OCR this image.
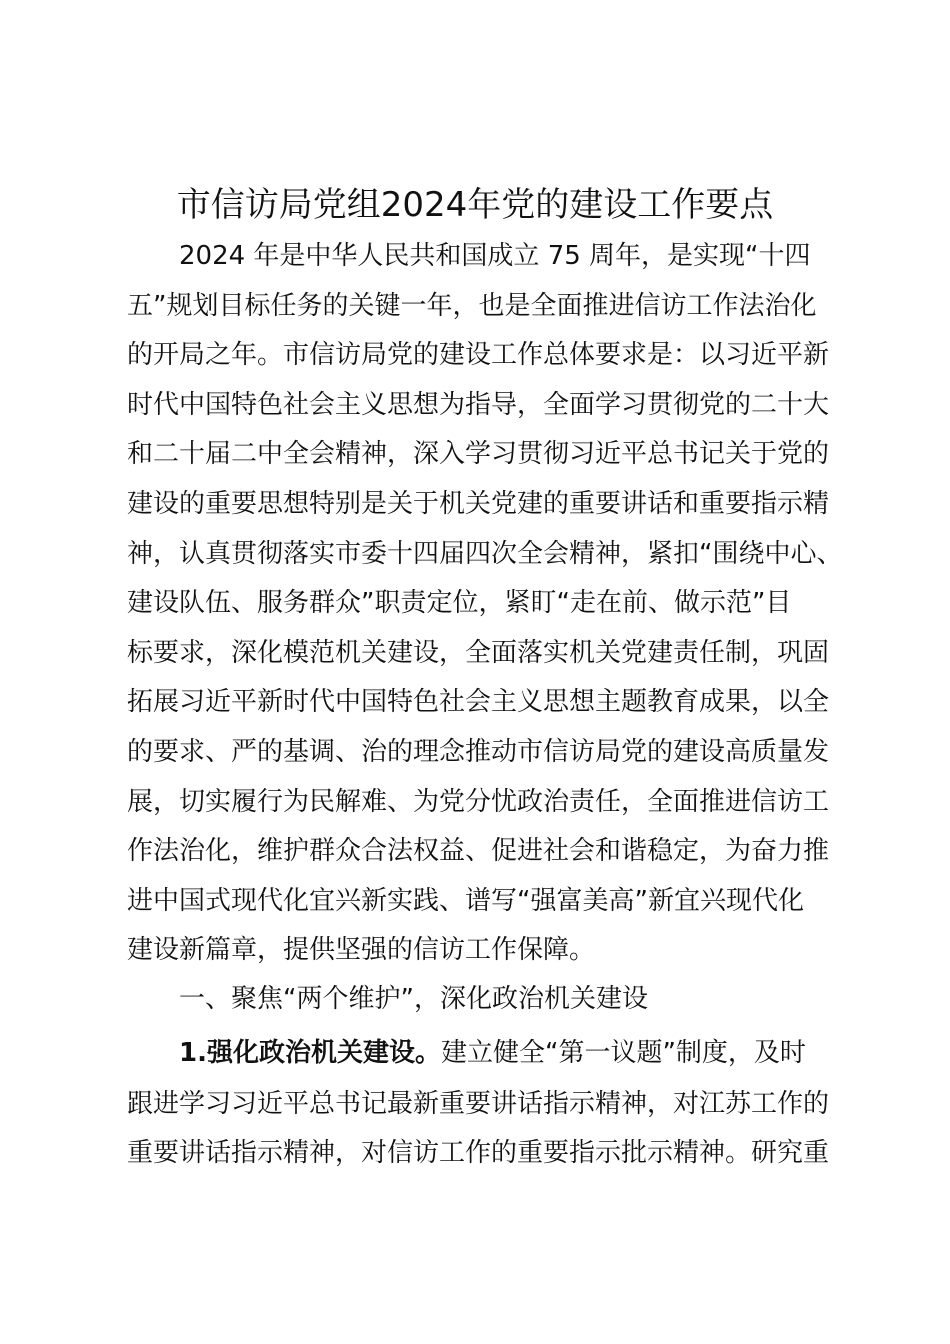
市信访局党组2024年党的建设工作要点
　　2024 年是中华人民共和国成立 75 周年，是实现“十四
五”规划目标任务的关键一年，也是全面推进信访工作法治化
的开局之年。市信访局党的建设工作总体要求是：以习近平新
时代中国特色社会主义思想为指导，全面学习贯彻党的二十大
和二十届二中全会精神，深入学习贯彻习近平总书记关于党的
建设的重要思想特别是关于机关党建的重要讲话和重要指示精
神，认真贯彻落实市委十四届四次全会精神，紧扣“围绕中心、
建设队伍、服务群众”职责定位，紧盯“走在前、做示范”目
标要求，深化模范机关建设，全面落实机关党建责任制，巩固
拓展习近平新时代中国特色社会主义思想主题教育成果，以全
的要求、严的基调、治的理念推动市信访局党的建设高质量发
展，切实履行为民解难、为党分忧政治责任，全面推进信访工
作法治化，维护群众合法权益、促进社会和谐稳定，为奋力推
进中国式现代化宜兴新实践、谱写“强富美高”新宜兴现代化
建设新篇章，提供坚强的信访工作保障。
　　一、聚焦“两个维护”，深化政治机关建设
　　1.强化政治机关建设。建立健全“第一议题”制度，及时
跟进学习习近平总书记最新重要讲话指示精神，对江苏工作的
重要讲话指示精神，对信访工作的重要指示批示精神。研究重
